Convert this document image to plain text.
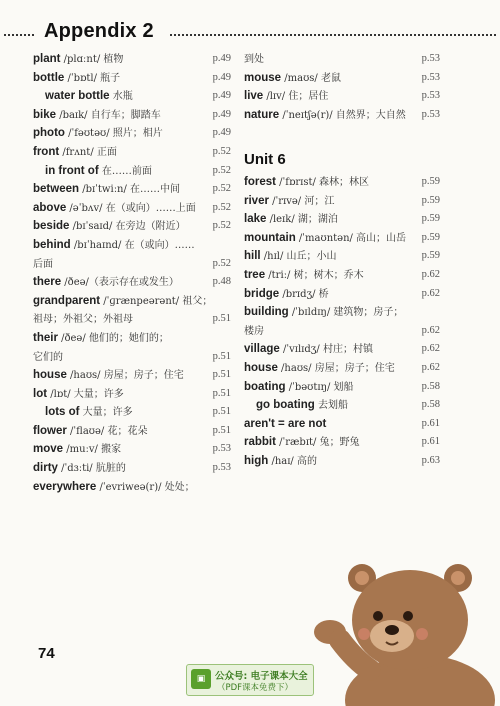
Appendix 2
plant /plɑːnt/ 植物	p.49
bottle /ˈbɒtl/ 瓶子	p.49
water bottle 水瓶	p.49
bike /baɪk/ 自行车；脚踏车	p.49
photo /ˈfəʊtəʊ/ 照片；相片	p.49
front /frʌnt/ 正面	p.52
in front of 在……前面	p.52
between /bɪˈtwiːn/ 在……中间	p.52
above /əˈbʌv/ 在（或向）……上面 p.52
beside /bɪˈsaɪd/ 在旁边（附近）	p.52
behind /bɪˈhaɪnd/ 在（或向）……
后面	p.52
there /ðeə/（表示存在或发生）	p.48
grandparent /ˈɡrænpeərənt/ 祖父；
祖母；外祖父；外祖母	p.51
their /ðeə/ 他们的；她们的；
它们的	p.51
house /haʊs/ 房屋；房子；住宅	p.51
lot /lɒt/ 大量；许多	p.51
lots of 大量；许多	p.51
flower /ˈflaʊə/ 花；花朵	p.51
move /muːv/ 搬家	p.53
dirty /ˈdɜːti/ 肮脏的	p.53
everywhere /ˈevriweə(r)/ 处处；
到处	p.53
mouse /maʊs/ 老鼠	p.53
live /lɪv/ 住；居住	p.53
nature /ˈneɪtʃə(r)/ 自然界；大自然 p.53
Unit 6
forest /ˈfɒrɪst/ 森林；林区	p.59
river /ˈrɪvə/ 河；江	p.59
lake /leɪk/ 湖；湖泊	p.59
mountain /ˈmaʊntən/ 高山；山岳 p.59
hill /hɪl/ 山丘；小山	p.59
tree /triː/ 树；树木；乔木	p.62
bridge /brɪdʒ/ 桥	p.62
building /ˈbɪldɪŋ/ 建筑物；房子；
楼房	p.62
village /ˈvɪlɪdʒ/ 村庄；村镇	p.62
house /haʊs/ 房屋；房子；住宅	p.62
boating /ˈbəʊtɪŋ/ 划船	p.58
go boating 去划船	p.58
aren't = are not	p.61
rabbit /ˈræbɪt/ 兔；野兔	p.61
high /haɪ/ 高的	p.63
74
▣	公众号: 电子课本大全
（PDF课本免费下）
